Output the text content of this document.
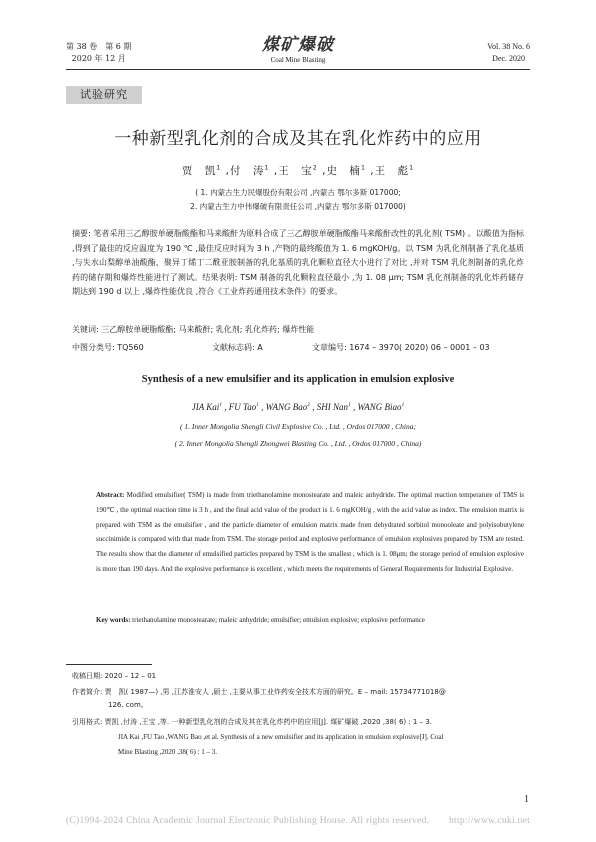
第 38 卷　第 6 期
2020 年 12 月
煤矿爆破
Coal Mine Blasting
Vol. 38 No. 6
Dec. 2020
试验研究
一种新型乳化剂的合成及其在乳化炸药中的应用
贾　凯$^1$ ,付　涛$^1$ ,王　宝$^2$ ,史　楠$^1$ ,王　彪$^1$
( 1. 内蒙古生力民爆股份有限公司 ,内蒙古 鄂尔多斯 017000;
2. 内蒙古生力中伟爆破有限责任公司 ,内蒙古 鄂尔多斯 017000)
摘要: 笔者采用三乙醇胺单硬脂酸酯和马来酸酐为原料合成了三乙醇胺单硬脂酸酯马来酸酐改性的乳化剂( TSM) 。以酸值为指标 ,得到了最佳的反应温度为 190 ℃ ,最佳反应时间为 3 h ,产物的最终酸值为 1. 6 mgKOH/g。以 TSM 为乳化剂制备了乳化基质 ,与失水山梨醇单油酸酯、聚异丁烯丁二酰亚胺制备的乳化基质的乳化颗粒直径大小进行了对比 ,并对 TSM 乳化剂制备的乳化炸药的储存期和爆炸性能进行了测试。结果表明: TSM 制备的乳化颗粒直径最小 ,为 1. 08 μm; TSM 乳化剂制备的乳化炸药储存期达到 190 d 以上 ,爆炸性能优良 ,符合《工业炸药通用技术条件》的要求。
关键词: 三乙醇胺单硬脂酸酯; 马来酸酐; 乳化剂; 乳化炸药; 爆炸性能
中图分类号: TQ560	文献标志码: A	文章编号: 1674 – 3970( 2020) 06 – 0001 – 03
Synthesis of a new emulsifier and its application in emulsion explosive
JIA Kai$^1$ , FU Tao$^1$ , WANG Bao$^2$ , SHI Nan$^1$ , WANG Biao$^1$
( 1. Inner Mongolia Shengli Civil Explosive Co. , Ltd. , Ordos 017000 , China;
( 2. Inner Mongolia Shengli Zhongwei Blasting Co. , Ltd. , Ordos 017000 , China)
Abstract: Modified emulsifier( TSM) is made from triethanolamine monostearate and maleic anhydride. The optimal reaction temperature of TMS is 190℃ , the optimal reaction time is 3 h , and the final acid value of the product is 1. 6 mgKOH/g , with the acid value as index. The emulsion matrix is prepared with TSM as the emulsifier , and the particle diameter of emulsion matrix made from dehydrated sorbitol monooleate and polyisobutylene succinimide is compared with that made from TSM. The storage period and explosive performance of emulsion explosives prepared by TSM are tested. The results show that the diameter of emulsified particles prepared by TSM is the smallest , which is 1. 08μm; the storage period of emulsion explosive is more than 190 days. And the explosive performance is excellent , which meets the requirements of General Requirements for Industrial Explosive.
Key words: triethanolamine monostearate; maleic anhydride; emulsifier; emulsion explosive; explosive performance
收稿日期: 2020 – 12 – 01
作者简介: 贾　凯( 1987—) ,男 ,江苏淮安人 ,硕士 ,主要从事工业炸药安全技术方面的研究。E – mail: 15734771018@
126. com。
引用格式: 贾凯 ,付涛 ,王宝 ,等. 一种新型乳化剂的合成及其在乳化炸药中的应用[J]. 煤矿爆破 ,2020 ,38( 6) : 1 – 3.
JIA Kai ,FU Tao ,WANG Bao ,et al. Synthesis of a new emulsifier and its application in emulsion explosive[J]. Coal
Mine Blasting ,2020 ,38( 6) : 1 – 3.
1
(C)1994-2024 China Academic Journal Electronic Publishing House. All rights reserved.　　http://www.cnki.net
